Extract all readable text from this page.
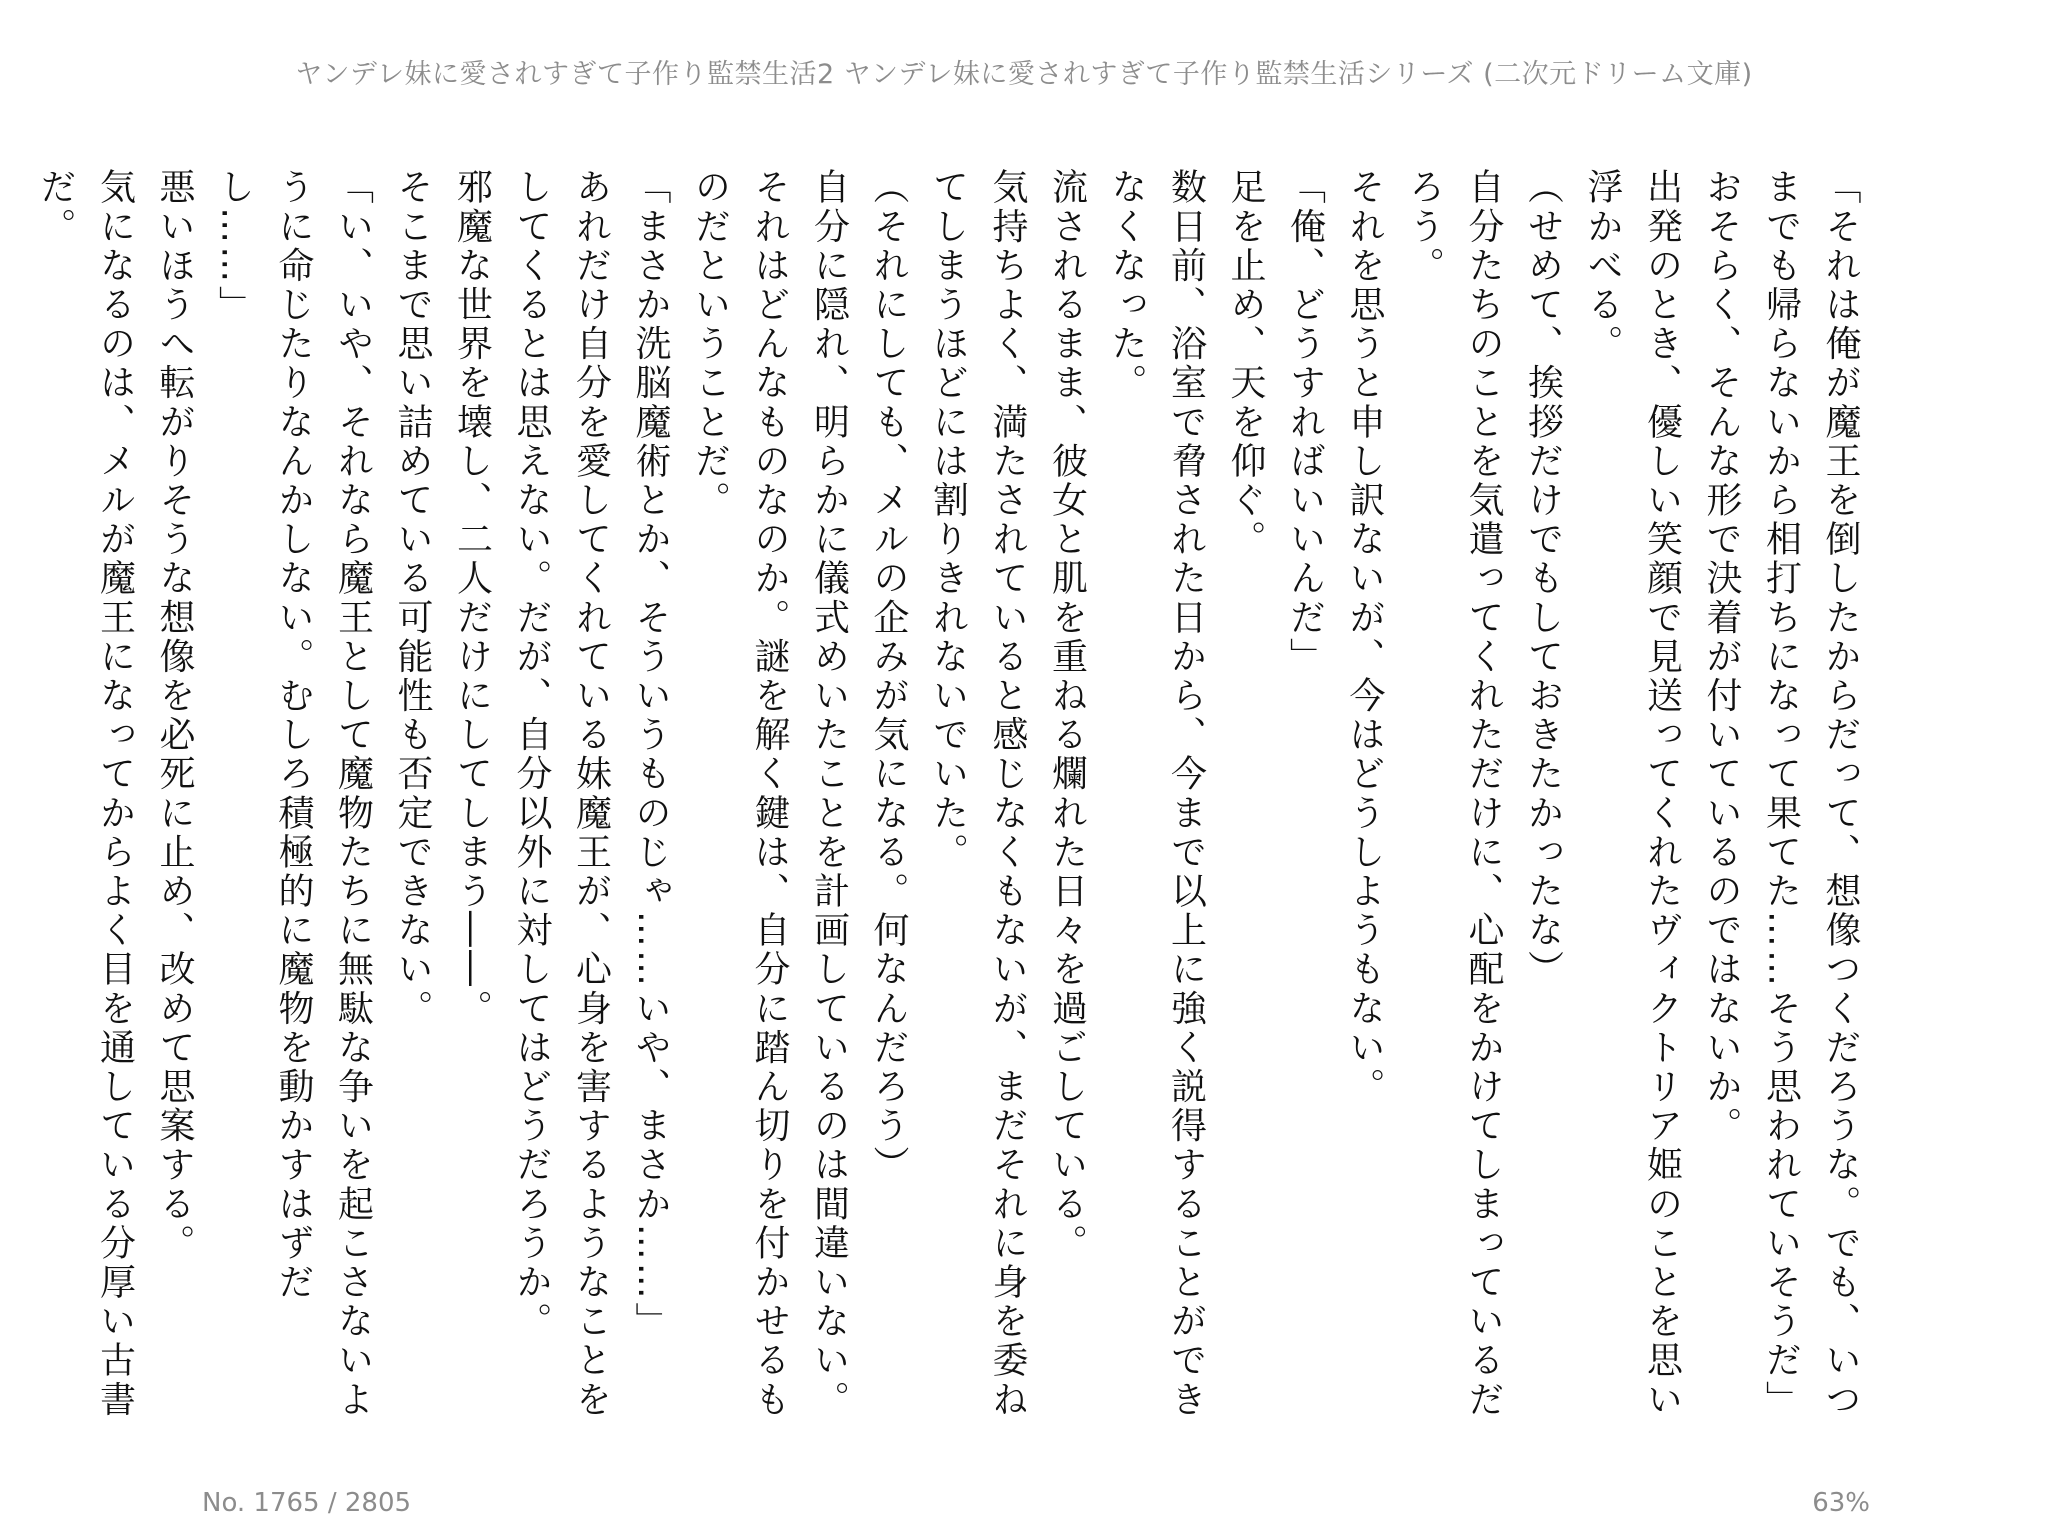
ヤンデレ妹に愛されすぎて子作り監禁生活2 ヤンデレ妹に愛されすぎて子作り監禁生活シリーズ (二次元ドリーム文庫)

「それは俺が魔王を倒したからだって、想像つくだろうな。でも、いつまでも帰らないから相打ちになって果てた……そう思われていそうだ」

おそらく、そんな形で決着が付いているのではないか。

出発のとき、優しい笑顔で見送ってくれたヴィクトリア姫のことを思い浮かべる。

（せめて、挨拶だけでもしておきたかったな）

自分たちのことを気遣ってくれただけに、心配をかけてしまっているだろう。

それを思うと申し訳ないが、今はどうしようもない。

「俺、どうすればいいんだ」

足を止め、天を仰ぐ。

数日前、浴室で脅された日から、今まで以上に強く説得することができなくなった。

流されるまま、彼女と肌を重ねる爛れた日々を過ごしている。

気持ちよく、満たされていると感じなくもないが、まだそれに身を委ねてしまうほどには割りきれないでいた。

（それにしても、メルの企みが気になる。何なんだろう）

自分に隠れ、明らかに儀式めいたことを計画しているのは間違いない。それはどんなものなのか。謎を解く鍵は、自分に踏ん切りを付かせるものだということだ。

「まさか洗脳魔術とか、そういうものじゃ……いや、まさか……」

あれだけ自分を愛してくれている妹魔王が、心身を害するようなことをしてくるとは思えない。だが、自分以外に対してはどうだろうか。

邪魔な世界を壊し、二人だけにしてしまう――。

そこまで思い詰めている可能性も否定できない。

「い、いや、それなら魔王として魔物たちに無駄な争いを起こさないように命じたりなんかしない。むしろ積極的に魔物を動かすはずだし……」

悪いほうへ転がりそうな想像を必死に止め、改めて思案する。

気になるのは、メルが魔王になってからよく目を通している分厚い古書だ。

No. 1765 / 2805	63%
